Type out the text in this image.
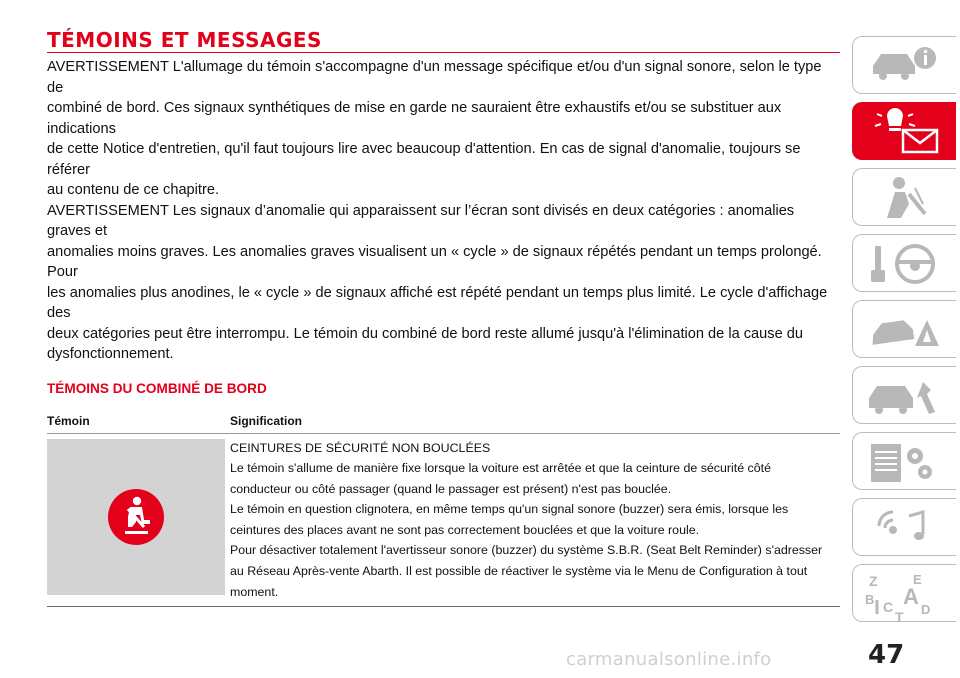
TÉMOINS ET MESSAGES

AVERTISSEMENT L'allumage du témoin s'accompagne d'un message spécifique et/ou d'un signal sonore, selon le type de
combiné de bord. Ces signaux synthétiques de mise en garde ne sauraient être exhaustifs et/ou se substituer aux indications
de cette Notice d'entretien, qu'il faut toujours lire avec beaucoup d'attention. En cas de signal d'anomalie, toujours se référer
au contenu de ce chapitre.

AVERTISSEMENT Les signaux d’anomalie qui apparaissent sur l’écran sont divisés en deux catégories : anomalies graves et
anomalies moins graves. Les anomalies graves visualisent un « cycle » de signaux répétés pendant un temps prolongé. Pour
les anomalies plus anodines, le « cycle » de signaux affiché est répété pendant un temps plus limité. Le cycle d'affichage des
deux catégories peut être interrompu. Le témoin du combiné de bord reste allumé jusqu'à l'élimination de la cause du
dysfonctionnement.

TÉMOINS DU COMBINÉ DE BORD
Témoin	Signification
CEINTURES DE SÉCURITÉ NON BOUCLÉES
Le témoin s'allume de manière fixe lorsque la voiture est arrêtée et que la ceinture de sécurité côté
conducteur ou côté passager (quand le passager est présent) n'est pas bouclée.
Le témoin en question clignotera, en même temps qu'un signal sonore (buzzer) sera émis, lorsque les
ceintures des places avant ne sont pas correctement bouclées et que la voiture roule.
Pour désactiver totalement l'avertisseur sonore (buzzer) du système S.B.R. (Seat Belt Reminder) s'adresser
au Réseau Après-vente Abarth. Il est possible de réactiver le système via le Menu de Configuration à tout
moment.
Z	E
B A
C D
T
47
carmanualsonline.info
